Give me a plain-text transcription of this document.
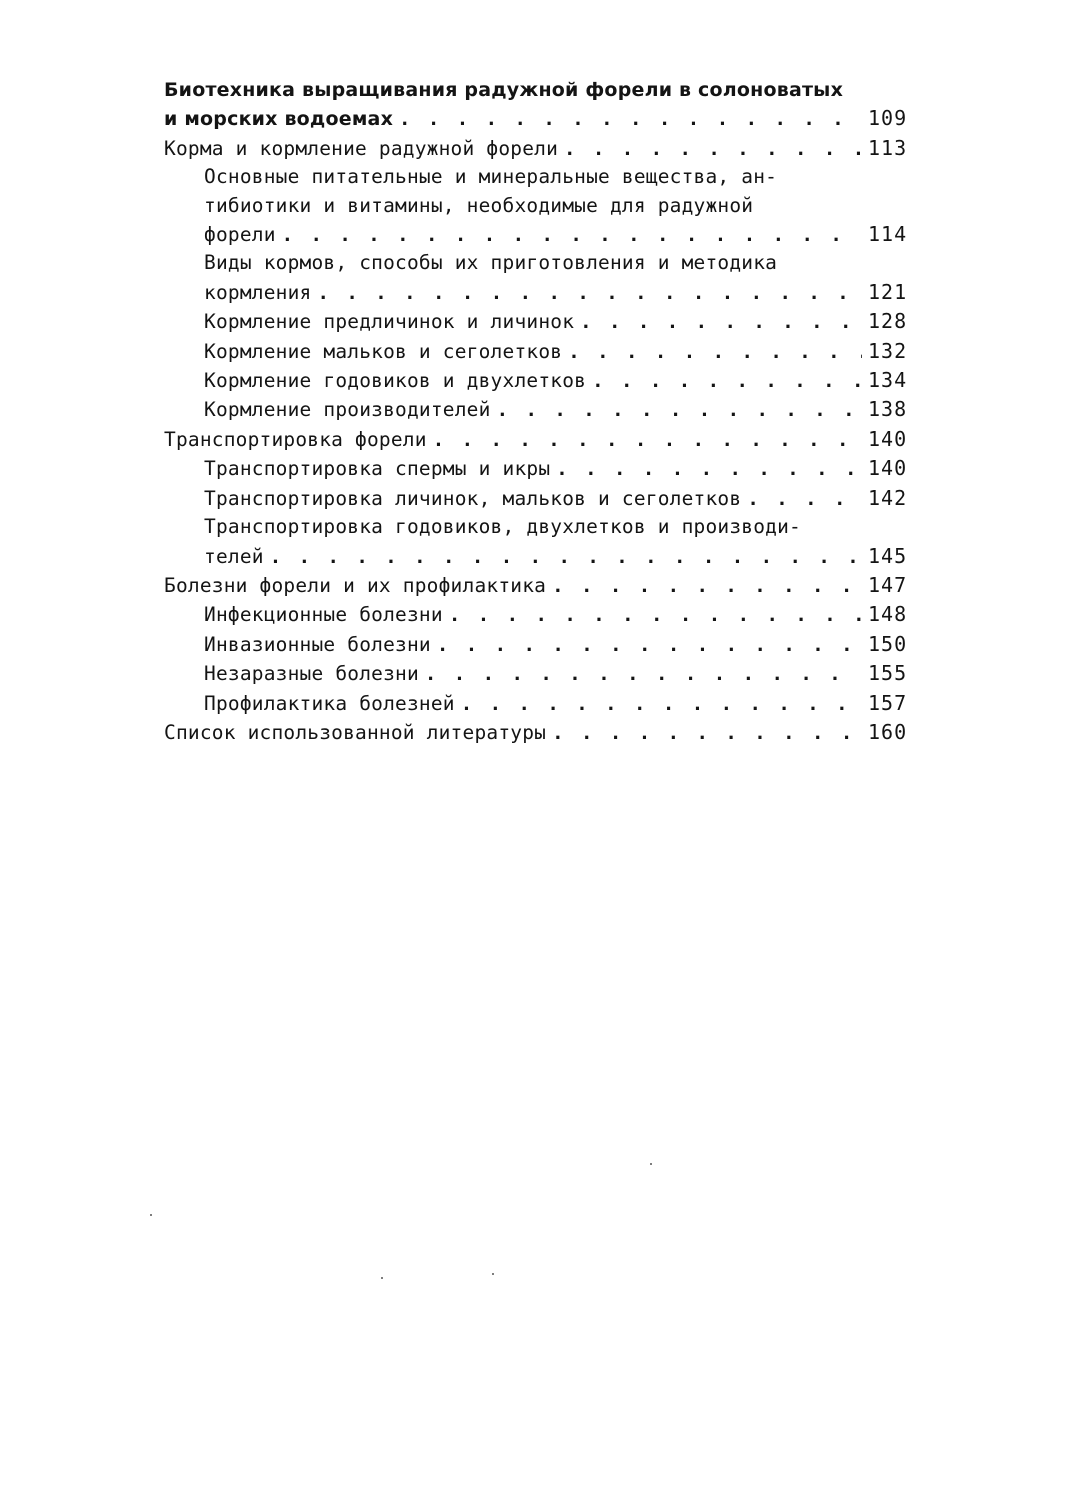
Биотехника выращивания радужной форели в солоноватых
и морских водоемах . . .	109
Корма и кормление радужной форели . . .	113
Основные питательные и минеральные вещества, ан-
тибиотики и витамины, необходимые для радужной
форели . . .	114
Виды кормов, способы их приготовления и методика
кормления . . .	121
Кормление предличинок и личинок . . .	128
Кормление мальков и сеголетков . . .	132
Кормление годовиков и двухлетков . . .	134
Кормление производителей . . .	138
Транспортировка форели . . .	140
Транспортировка спермы и икры . . .	140
Транспортировка личинок, мальков и сеголетков . . .	142
Транспортировка годовиков, двухлетков и производи-
телей . . .	145
Болезни форели и их профилактика . . .	147
Инфекционные болезни . . .	148
Инвазионные болезни . . .	150
Незаразные болезни . . .	155
Профилактика болезней . . .	157
Список использованной литературы . . .	160
